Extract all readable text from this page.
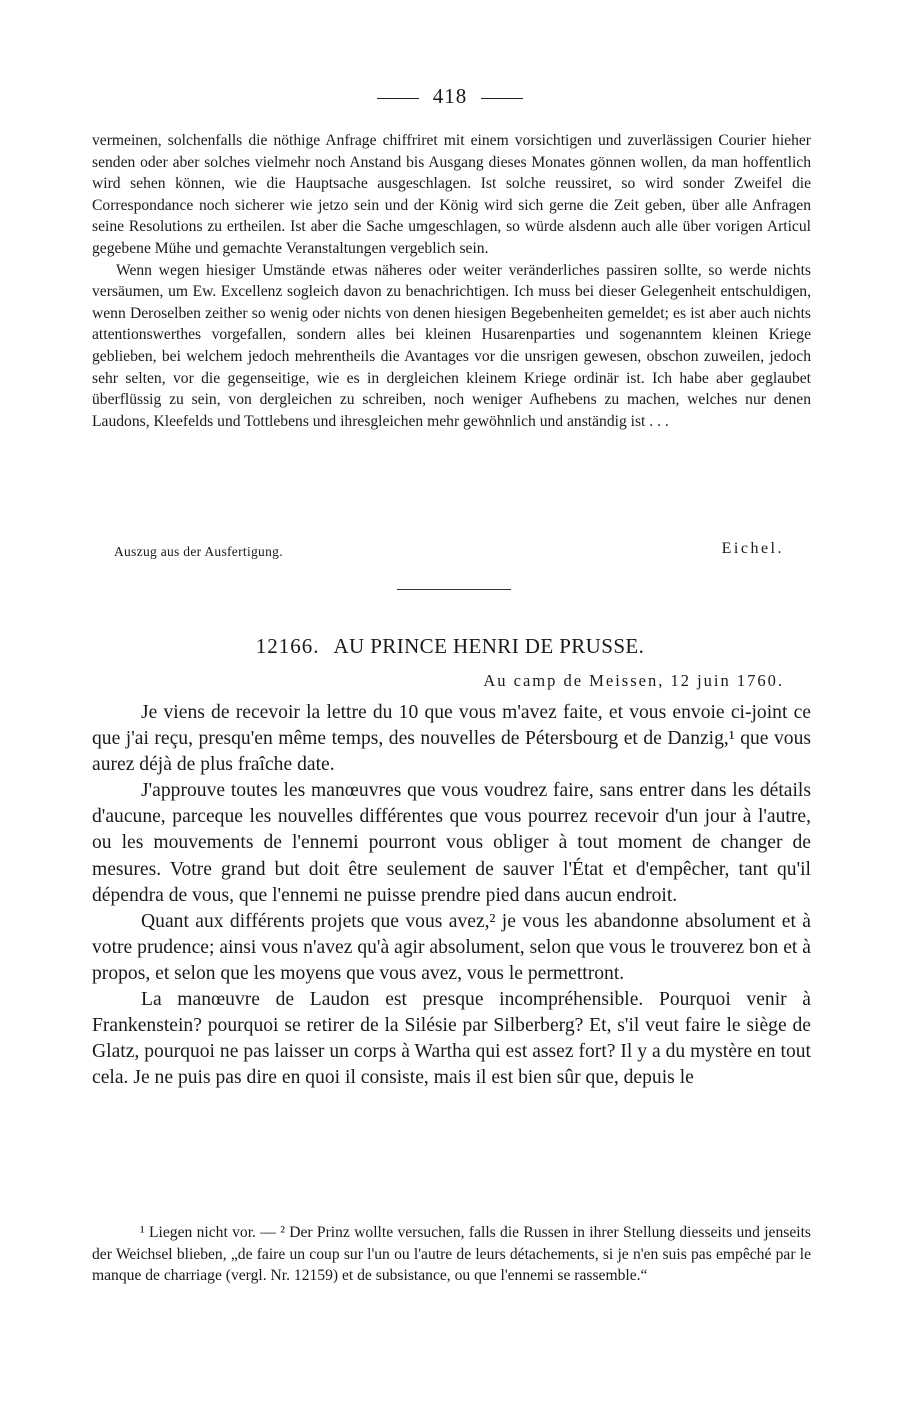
418

vermeinen, solchenfalls die nöthige Anfrage chiffriret mit einem vorsichtigen und zuverlässigen Courier hieher senden oder aber solches vielmehr noch Anstand bis Ausgang dieses Monates gönnen wollen, da man hoffentlich wird sehen können, wie die Hauptsache ausgeschlagen. Ist solche reussiret, so wird sonder Zweifel die Correspondance noch sicherer wie jetzo sein und der König wird sich gerne die Zeit geben, über alle Anfragen seine Resolutions zu ertheilen. Ist aber die Sache umgeschlagen, so würde alsdenn auch alle über vorigen Articul gegebene Mühe und gemachte Veranstaltungen vergeblich sein.

Wenn wegen hiesiger Umstände etwas näheres oder weiter veränderliches passiren sollte, so werde nichts versäumen, um Ew. Excellenz sogleich davon zu benachrichtigen. Ich muss bei dieser Gelegenheit entschuldigen, wenn Deroselben zeither so wenig oder nichts von denen hiesigen Begebenheiten gemeldet; es ist aber auch nichts attentionswerthes vorgefallen, sondern alles bei kleinen Husarenparties und sogenanntem kleinen Kriege geblieben, bei welchem jedoch mehrentheils die Avantages vor die unsrigen gewesen, obschon zuweilen, jedoch sehr selten, vor die gegenseitige, wie es in dergleichen kleinem Kriege ordinär ist. Ich habe aber geglaubet überflüssig zu sein, von dergleichen zu schreiben, noch weniger Aufhebens zu machen, welches nur denen Laudons, Kleefelds und Tottlebens und ihresgleichen mehr gewöhnlich und anständig ist . . .

Auszug aus der Ausfertigung.	Eichel.
12166. AU PRINCE HENRI DE PRUSSE.
Au camp de Meissen, 12 juin 1760.

Je viens de recevoir la lettre du 10 que vous m'avez faite, et vous envoie ci-joint ce que j'ai reçu, presqu'en même temps, des nouvelles de Pétersbourg et de Danzig,¹ que vous aurez déjà de plus fraîche date.

J'approuve toutes les manœuvres que vous voudrez faire, sans entrer dans les détails d'aucune, parceque les nouvelles différentes que vous pourrez recevoir d'un jour à l'autre, ou les mouvements de l'ennemi pourront vous obliger à tout moment de changer de mesures. Votre grand but doit être seulement de sauver l'État et d'empêcher, tant qu'il dépendra de vous, que l'ennemi ne puisse prendre pied dans aucun endroit.

Quant aux différents projets que vous avez,² je vous les abandonne absolument et à votre prudence; ainsi vous n'avez qu'à agir absolument, selon que vous le trouverez bon et à propos, et selon que les moyens que vous avez, vous le permettront.

La manœuvre de Laudon est presque incompréhensible. Pourquoi venir à Frankenstein? pourquoi se retirer de la Silésie par Silberberg? Et, s'il veut faire le siège de Glatz, pourquoi ne pas laisser un corps à Wartha qui est assez fort? Il y a du mystère en tout cela. Je ne puis pas dire en quoi il consiste, mais il est bien sûr que, depuis le

¹ Liegen nicht vor. — ² Der Prinz wollte versuchen, falls die Russen in ihrer Stellung diesseits und jenseits der Weichsel blieben, „de faire un coup sur l'un ou l'autre de leurs détachements, si je n'en suis pas empêché par le manque de charriage (vergl. Nr. 12159) et de subsistance, ou que l'ennemi se rassemble.“
